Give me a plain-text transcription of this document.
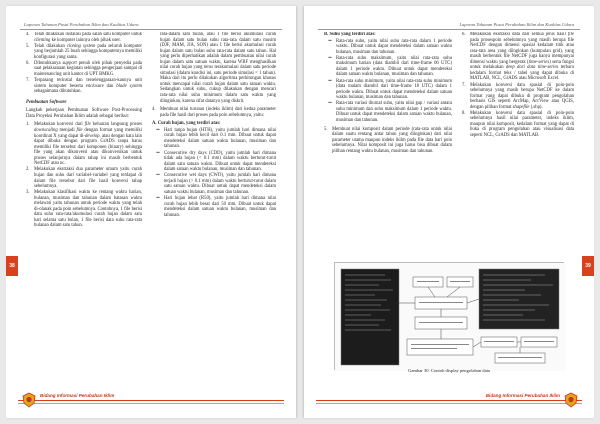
Laporan Tahunan Pusat Perubahan Iklim dan Kualitas Udara
4. Telah dilakukan instalasi pada salah satu komputer untuk clienting ke komputer lainnya oleh pihak user.
5. Telah dilakukan cloning system pada seluruh komputer yang berjumlah 25 buah sehingga komputernya memiliki konfigurasi yang sama.
6. Dibutuhkanya support penuh oleh pihak penyedia pada saat pelaksanaan kegiatan sehingga pengerjaan sampai di maintenancing unit kantor di UPT BMKG.
7. Terpasang terinstal dan terselenggaraan-kannya unit sistem komputer beserta enclosure dan blade system sebagaimana dibutuhkan.
Pembuatan Software

Langkah pekerjaan Pembuatan Software Post-Processing Data Proyeksi Perubahan Iklim adalah sebagai berikut:

1. Melakukan konversi dari file keluaran langsung proses downscaling menjadi file dengan format yang memiliki koordinat X yang dapat di-develop, atau dengan kata lain dapat dibuka dengan program GrADS tanpa harus memiliki file tersebut dari komponen (binary) sehingga file yang akan dikonversi atau dikonversikan untuk proses selanjutnya dalam tahap ini masih berbentuk NetCDF atau nc.
2. Melakukan ekstraksi dua parameter umum yaitu curah hujan dan suhu dari variabel-variabel yang terdapat di dalam file tersebut dari file hasil konversi tahap sebelumnya.
3. Melakukan klasifikasi waktu ke rentang waktu harian, bulanan, musiman dan tahunan dalam batasan waktu melawati yaitu tahunan untuk periode waktu yang telah di-olanak pada poin sebelumnya. Contohnya, 1 file berisi data suhu rata-rata/akumulasi curah hujan dalam satu hari selama satu bulan, 1 file berisi data suhu rata-rata bulanan dalam satu tahun.

rata-dalam satu bulan, atau 1 file berisi akumulasi curah hujan dalam satu bulan suhu rata-rata dalam satu musim (DJF, MAM, JJA, SON) atau 1 file berisi akumulasi curah hujan dalam satu bulan suhu rata-rata dalam satu tahun. Hal yang perlu diperhatikan adalah dalam pembuatan nilai curah hujan dalam satu satuan waktu, karena WRF menghasilkan nilai curah hujan yang terus terakumulasi dalam satu periode simulasi (dalam kondisi ini, satu periode simulasi = 1 tahun). Maka dari itu perlu dilakukan algoritma perhitungan khusus untuk mencapai nilai curah hujan dalam satu satuan waktu. Sedangkan untuk suhu, cukup dilakukan dengan mencari rata-rata nilai suhu minimum dalam satu waktu yang diinginkan, karena sifat datanya yang diskrit.

4. Membuat nilai turunan (indeks iklim) dari kedua parameter pada file hasil dari proses pada poin sebelumnya, yaitu:
A. Curah hujan, yang terdiri atas:
⇒ Hari tanpa hujan (HTH), yaitu jumlah hari dimana nilai curah hujan lebih kecil dari 0.1 mm. Dibuat untuk dapat mendeteksi dalam satuan waktu bulanan, musiman dan tahunan.
⇒ Consecutive dry days (CDD), yaitu jumlah hari dimana tidak ada hujan (< 0.1 mm) dalam waktu berturut-turut dalam satu satuan waktu. Dibuat untuk dapat mendeteksi dalam satuan waktu bulanan, musiman dan tahunan.
⇒ Consecutive wet days (CWD), yaitu jumlah hari dimana terjadi hujan (> 0.1 mm) dalam waktu berturut-turut dalam satu satuan waktu. Dibuat untuk dapat mendeteksi dalam satuan waktu bulanan, musiman dan tahunan.
⇒ Hari hujan lebat (R50), yaitu jumlah hari dimana nilai curah hujan lebih besar dari 50 mm. Dibuat untuk dapat mendeteksi dalam satuan waktu bulanan, musiman dan tahunan.
38
Bidang Informasi Perubahan Iklim
Laporan Tahunan Pusat Perubahan Iklim dan Kualitas Udara
B. Suhu yang terdiri atas:
⇒ Rata-rata suhu, yaitu nilai suhu rata-rata dalam 1 periode waktu. Dibuat untuk dapat mendeteksi dalam satuan waktu bulanan, musiman dan tahunan.
⇒ Rata-rata suhu maksimum, yaitu nilai rata-rata suhu maksimum harian (data diambil dari time-frame 06 UTC) dalam 1 periode waktu. Dibuat untuk dapat mendeteksi dalam satuan waktu bulanan, musiman dan tahunan.
⇒ Rata-rata suhu minimum, yaitu nilai rata-rata suhu minimum (data malam diambil dari time-frame 18 UTC) dalam 1 periode waktu. Dibuat untuk dapat mendeteksi dalam satuan waktu bulanan, musiman dan tahunan.
⇒ Rata-rata variasi diurnal suhu, yaitu nilai gap / variasi antara suhu minimum dan suhu maksimum dalam 1 periode waktu. Dibuat untuk dapat mendeteksi dalam satuan waktu bulanan, musiman dan tahunan.
5. Membuat nilai komposit dalam periode (rata-rata untuk nilai dalam suatu rentang antar tahun yang diinginkan) dari nilai parameter utama maupun indeks iklim pada file data hari poin sebelumnya. Nilai komposit ini juga harus bisa dibuat dalam pilihan rentang waktu bulanan, musiman dan tahunan.
6. Melakukan ekstraksi data dari semua jenis hasil file pada prosespoin sebelumnya yang masih berupa file NetCDF dengan dimensi spasial kedalam titik atau rata-rata area yang diinginkan (kumpulan grid), yang masih berbentuk file NetCDF juga hanya mempunyai dimensi waktu yang bergerak (time-series) serta fungsi untuk melakukan deep dari data time-series terbaru kedalam format teks / tabel yang dapat dibuka di MATLAB, NCL, GrADS atau Microsoft Excel.
7. Melakukan konversi data spasial di poin-poin sebelumnya yang masih berupa NetCDF ke dalam format yang dapat dibuka di program pengolahan berbasis GIS seperti ArcMap, ArcView atau QGIS, dengan pilihan format shapefile (.shp).
8. Melakukan konversi data spasial di poin-poin sebelumnya hasil nilai parameter, indeks iklim, maupun nilai komposit, kedalam format yang dapat di buka di program pengolahan atau visualisasi data seperti NCL, GrADS dan MATLAB.
Gambar 30. Contoh display pengolahan data
39
Bidang Informasi Perubahan Iklim
